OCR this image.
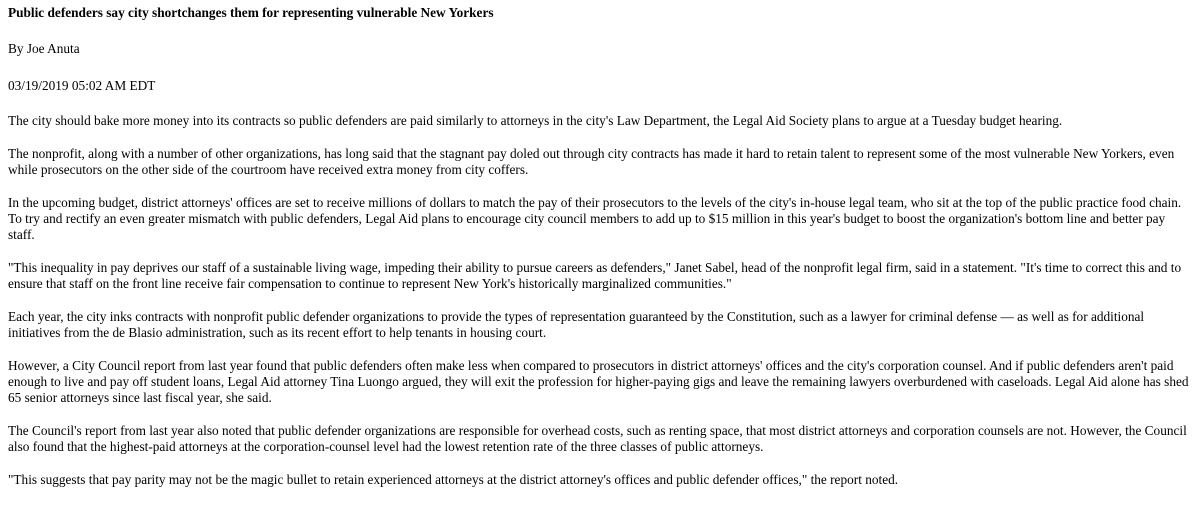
Public defenders say city shortchanges them for representing vulnerable New Yorkers
By Joe Anuta
03/19/2019 05:02 AM EDT
The city should bake more money into its contracts so public defenders are paid similarly to attorneys in the city's Law Department, the Legal Aid Society plans to argue at a Tuesday budget hearing.
The nonprofit, along with a number of other organizations, has long said that the stagnant pay doled out through city contracts has made it hard to retain talent to represent some of the most vulnerable New Yorkers, even while prosecutors on the other side of the courtroom have received extra money from city coffers.
In the upcoming budget, district attorneys' offices are set to receive millions of dollars to match the pay of their prosecutors to the levels of the city's in-house legal team, who sit at the top of the public practice food chain. To try and rectify an even greater mismatch with public defenders, Legal Aid plans to encourage city council members to add up to $15 million in this year's budget to boost the organization's bottom line and better pay staff.
"This inequality in pay deprives our staff of a sustainable living wage, impeding their ability to pursue careers as defenders," Janet Sabel, head of the nonprofit legal firm, said in a statement. "It's time to correct this and to ensure that staff on the front line receive fair compensation to continue to represent New York's historically marginalized communities."
Each year, the city inks contracts with nonprofit public defender organizations to provide the types of representation guaranteed by the Constitution, such as a lawyer for criminal defense — as well as for additional initiatives from the de Blasio administration, such as its recent effort to help tenants in housing court.
However, a City Council report from last year found that public defenders often make less when compared to prosecutors in district attorneys' offices and the city's corporation counsel. And if public defenders aren't paid enough to live and pay off student loans, Legal Aid attorney Tina Luongo argued, they will exit the profession for higher-paying gigs and leave the remaining lawyers overburdened with caseloads. Legal Aid alone has shed 65 senior attorneys since last fiscal year, she said.
The Council's report from last year also noted that public defender organizations are responsible for overhead costs, such as renting space, that most district attorneys and corporation counsels are not. However, the Council also found that the highest-paid attorneys at the corporation-counsel level had the lowest retention rate of the three classes of public attorneys.
"This suggests that pay parity may not be the magic bullet to retain experienced attorneys at the district attorney's offices and public defender offices," the report noted.
